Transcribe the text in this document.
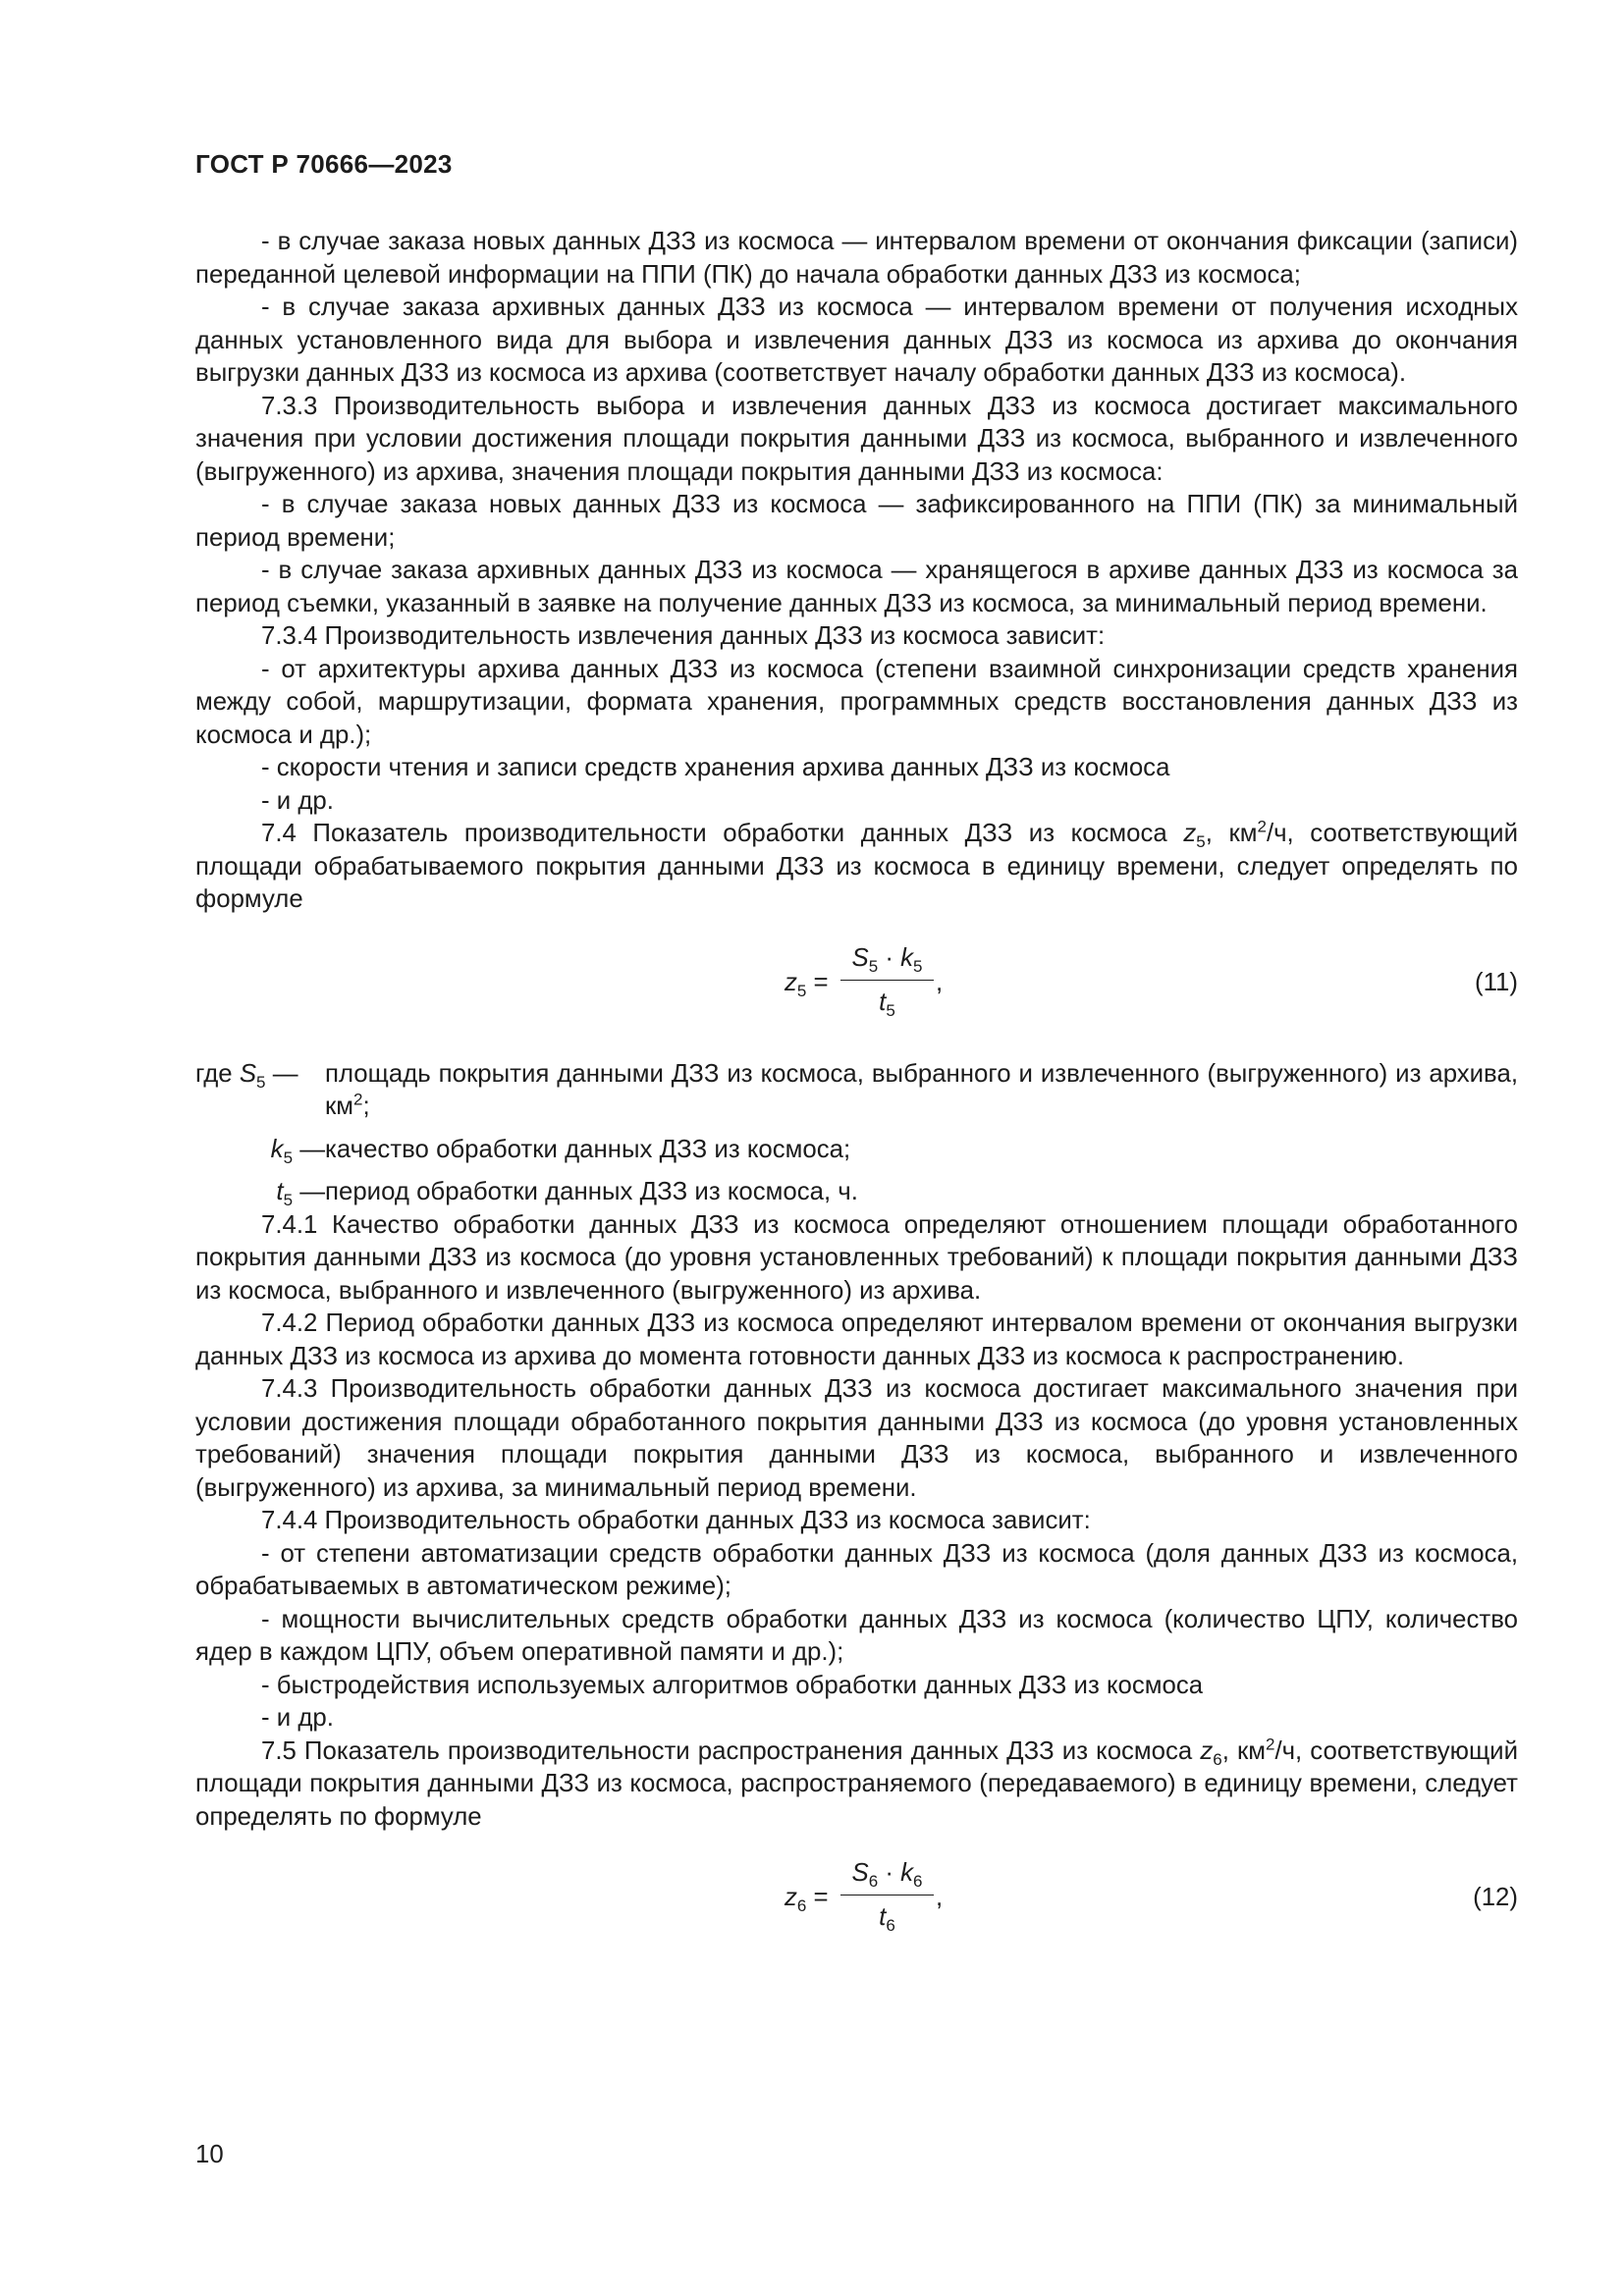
ГОСТ Р 70666—2023

- в случае заказа новых данных ДЗЗ из космоса — интервалом времени от окончания фиксации (записи) переданной целевой информации на ППИ (ПК) до начала обработки данных ДЗЗ из космоса;

- в случае заказа архивных данных ДЗЗ из космоса — интервалом времени от получения исходных данных установленного вида для выбора и извлечения данных ДЗЗ из космоса из архива до окончания выгрузки данных ДЗЗ из космоса из архива (соответствует началу обработки данных ДЗЗ из космоса).

7.3.3 Производительность выбора и извлечения данных ДЗЗ из космоса достигает максимального значения при условии достижения площади покрытия данными ДЗЗ из космоса, выбранного и извлеченного (выгруженного) из архива, значения площади покрытия данными ДЗЗ из космоса:

- в случае заказа новых данных ДЗЗ из космоса — зафиксированного на ППИ (ПК) за минимальный период времени;

- в случае заказа архивных данных ДЗЗ из космоса — хранящегося в архиве данных ДЗЗ из космоса за период съемки, указанный в заявке на получение данных ДЗЗ из космоса, за минимальный период времени.

7.3.4 Производительность извлечения данных ДЗЗ из космоса зависит:

- от архитектуры архива данных ДЗЗ из космоса (степени взаимной синхронизации средств хранения между собой, маршрутизации, формата хранения, программных средств восстановления данных ДЗЗ из космоса и др.);

- скорости чтения и записи средств хранения архива данных ДЗЗ из космоса

- и др.

7.4 Показатель производительности обработки данных ДЗЗ из космоса $z_5$, $км^2/ч$, соответствующий площади обрабатываемого покрытия данными ДЗЗ из космоса в единицу времени, следует определять по формуле

$z_5$ =
$S_5 \cdot k_5$
$t_5$
,	(11)
где $S_5$ — площадь покрытия данными ДЗЗ из космоса, выбранного и извлеченного (выгруженного) из архива, $км^2$;
$k_5$ — качество обработки данных ДЗЗ из космоса;
$t_5$ — период обработки данных ДЗЗ из космоса, ч.

7.4.1 Качество обработки данных ДЗЗ из космоса определяют отношением площади обработанного покрытия данными ДЗЗ из космоса (до уровня установленных требований) к площади покрытия данными ДЗЗ из космоса, выбранного и извлеченного (выгруженного) из архива.

7.4.2 Период обработки данных ДЗЗ из космоса определяют интервалом времени от окончания выгрузки данных ДЗЗ из космоса из архива до момента готовности данных ДЗЗ из космоса к распространению.

7.4.3 Производительность обработки данных ДЗЗ из космоса достигает максимального значения при условии достижения площади обработанного покрытия данными ДЗЗ из космоса (до уровня установленных требований) значения площади покрытия данными ДЗЗ из космоса, выбранного и извлеченного (выгруженного) из архива, за минимальный период времени.

7.4.4 Производительность обработки данных ДЗЗ из космоса зависит:

- от степени автоматизации средств обработки данных ДЗЗ из космоса (доля данных ДЗЗ из космоса, обрабатываемых в автоматическом режиме);

- мощности вычислительных средств обработки данных ДЗЗ из космоса (количество ЦПУ, количество ядер в каждом ЦПУ, объем оперативной памяти и др.);

- быстродействия используемых алгоритмов обработки данных ДЗЗ из космоса

- и др.

7.5 Показатель производительности распространения данных ДЗЗ из космоса $z_6$, $км^2/ч$, соответствующий площади покрытия данными ДЗЗ из космоса, распространяемого (передаваемого) в единицу времени, следует определять по формуле

$z_6$ =
$S_6 \cdot k_6$
$t_6$
,	(12)
10
